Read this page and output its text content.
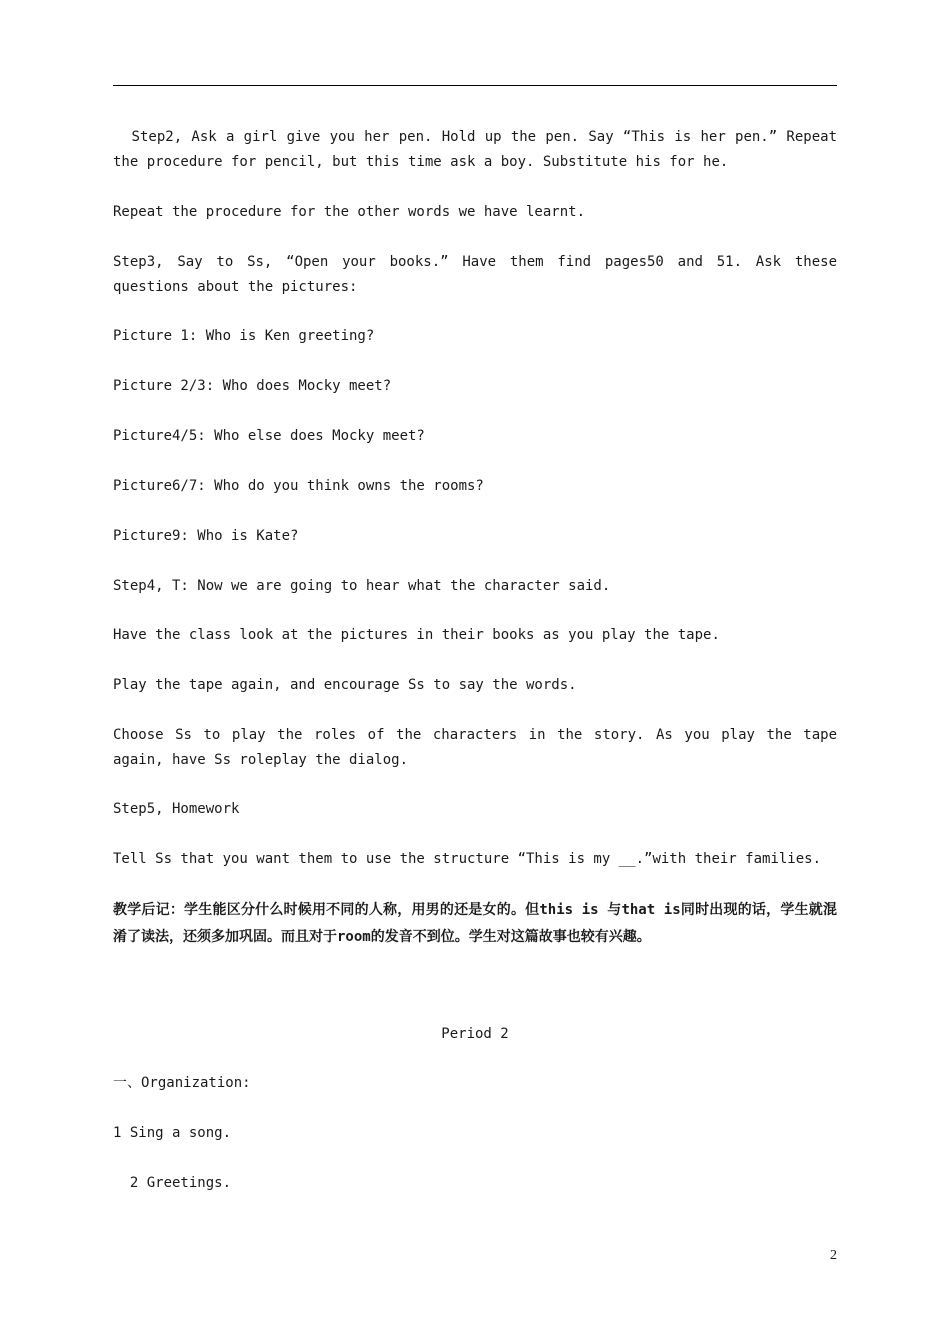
Step2, Ask a girl give you her pen. Hold up the pen. Say “This is her pen.” Repeat the procedure for pencil, but this time ask a boy. Substitute his for he.

Repeat the procedure for the other words we have learnt.

Step3, Say to Ss, “Open your books.” Have them find pages50 and 51. Ask these questions about the pictures:

Picture 1: Who is Ken greeting?

Picture 2/3: Who does Mocky meet?

Picture4/5: Who else does Mocky meet?

Picture6/7: Who do you think owns the rooms?

Picture9: Who is Kate?

Step4, T: Now we are going to hear what the character said.

Have the class look at the pictures in their books as you play the tape.

Play the tape again, and encourage Ss to say the words.

Choose Ss to play the roles of the characters in the story. As you play the tape again, have Ss roleplay the dialog.

Step5, Homework

Tell Ss that you want them to use the structure “This is my __.”with their families.

教学后记：学生能区分什么时候用不同的人称，用男的还是女的。但this is 与that is同时出现的话，学生就混淆了读法，还须多加巩固。而且对于room的发音不到位。学生对这篇故事也较有兴趣。

Period 2

一、Organization:

1 Sing a song.

2 Greetings.

2
